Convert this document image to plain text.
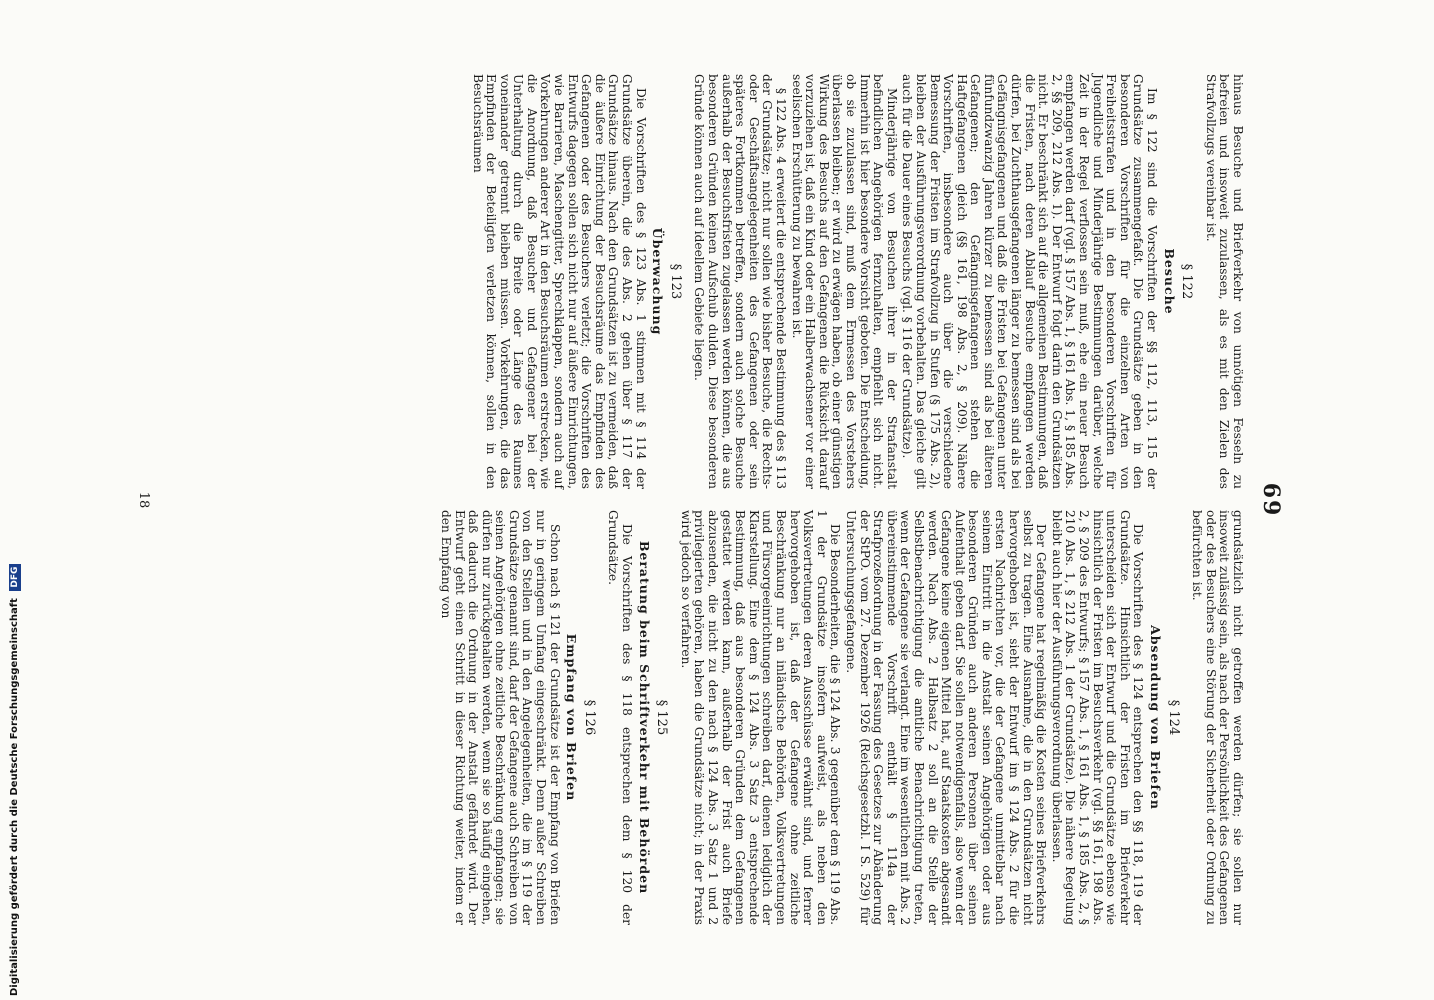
69

hinaus Besuche und Briefverkehr von unnötigen Fesseln zu befreien und insoweit zuzulassen, als es mit den Zielen des Strafvollzugs vereinbar ist.

§ 122
Besuche

Im § 122 sind die Vorschriften der §§ 112, 113, 115 der Grundsätze zusammengefaßt. Die Grundsätze geben in den besonderen Vorschriften für die einzelnen Arten von Freiheitsstrafen und in den besonderen Vorschriften für Jugendliche und Minderjährige Bestimmungen darüber, welche Zeit in der Regel verflossen sein muß, ehe ein neuer Besuch empfangen werden darf (vgl. § 157 Abs. 1, § 161 Abs. 1, § 185 Abs. 2, §§ 209, 212 Abs. 1). Der Entwurf folgt darin den Grundsätzen nicht. Er beschränkt sich auf die allgemeinen Bestimmungen, daß die Fristen, nach deren Ablauf Besuche empfangen werden dürfen, bei Zuchthausgefangenen länger zu bemessen sind als bei Gefängnisgefangenen und daß die Fristen bei Gefangenen unter fünfundzwanzig Jahren kürzer zu bemessen sind als bei älteren Gefangenen; den Gefängnisgefangenen stehen die Haftgefangenen gleich (§§ 161, 198 Abs. 2, § 209). Nähere Vorschriften, insbesondere auch über die verschiedene Bemessung der Fristen im Strafvollzug in Stufen (§ 175 Abs. 2), bleiben der Ausführungsverordnung vorbehalten. Das gleiche gilt auch für die Dauer eines Besuchs (vgl. § 116 der Grundsätze).

Minderjährige von Besuchen ihrer in der Strafanstalt befindlichen Angehörigen fernzuhalten, empfiehlt sich nicht. Immerhin ist hier besondere Vorsicht geboten. Die Entscheidung, ob sie zuzulassen sind, muß dem Ermessen des Vorstehers überlassen bleiben; er wird zu erwägen haben, ob einer günstigen Wirkung des Besuchs auf den Gefangenen die Rücksicht darauf vorzuziehen ist, daß ein Kind oder ein Halberwachsener vor einer seelischen Erschütterung zu bewahren ist.

§ 122 Abs. 4 erweitert die entsprechende Bestimmung des § 113 der Grundsätze; nicht nur sollen wie bisher Besuche, die Rechts- oder Geschäftsangelegenheiten des Gefangenen oder sein späteres Fortkommen betreffen, sondern auch solche Besuche außerhalb der Besuchsfristen zugelassen werden können, die aus besonderen Gründen keinen Aufschub dulden. Diese besonderen Gründe können auch auf ideellem Gebiete liegen.

§ 123
Überwachung

Die Vorschriften des § 123 Abs. 1 stimmen mit § 114 der Grundsätze überein, die des Abs. 2 gehen über § 117 der Grundsätze hinaus. Nach den Grundsätzen ist zu vermeiden, daß die äußere Einrichtung der Besuchsräume das Empfinden des Gefangenen oder des Besuchers verletzt; die Vorschriften des Entwurfs dagegen sollen sich nicht nur auf äußere Einrichtungen, wie Barrieren, Maschengitter, Sprechklappen, sondern auch auf Vorkehrungen anderer Art in den Besuchsräumen erstrecken, wie die Anordnung, daß Besucher und Gefangener bei der Unterhaltung durch die Breite oder Länge des Raumes voneinander getrennt bleiben müssen. Vorkehrungen, die das Empfinden der Beteiligten verletzen können, sollen in den Besuchsräumen

grundsätzlich nicht getroffen werden dürfen; sie sollen nur insoweit zulässig sein, als nach der Persönlichkeit des Gefangenen oder des Besuchers eine Störung der Sicherheit oder Ordnung zu befürchten ist.

§ 124
Absendung von Briefen

Die Vorschriften des § 124 entsprechen den §§ 118, 119 der Grundsätze. Hinsichtlich der Fristen im Briefverkehr unterscheiden sich der Entwurf und die Grundsätze ebenso wie hinsichtlich der Fristen im Besuchsverkehr (vgl. §§ 161, 198 Abs. 2, § 209 des Entwurfs; § 157 Abs. 1, § 161 Abs. 1, § 185 Abs. 2, § 210 Abs. 1, § 212 Abs. 1 der Grundsätze). Die nähere Regelung bleibt auch hier der Ausführungsverordnung überlassen.

Der Gefangene hat regelmäßig die Kosten seines Briefverkehrs selbst zu tragen. Eine Ausnahme, die in den Grundsätzen nicht hervorgehoben ist, sieht der Entwurf im § 124 Abs. 2 für die ersten Nachrichten vor, die der Gefangene unmittelbar nach seinem Eintritt in die Anstalt seinen Angehörigen oder aus besonderen Gründen auch anderen Personen über seinen Aufenthalt geben darf. Sie sollen notwendigenfalls, also wenn der Gefangene keine eigenen Mittel hat, auf Staatskosten abgesandt werden. Nach Abs. 2 Halbsatz 2 soll an die Stelle der Selbstbenachrichtigung die amtliche Benachrichtigung treten, wenn der Gefangene sie verlangt. Eine im wesentlichen mit Abs. 2 übereinstimmende Vorschrift enthält § 114a der Strafprozeßordnung in der Fassung des Gesetzes zur Abänderung der StPO. vom 27. Dezember 1926 (Reichsgesetzbl. I S. 529) für Untersuchungsgefangene.

Die Besonderheiten, die § 124 Abs. 3 gegenüber dem § 119 Abs. 1 der Grundsätze insofern aufweist, als neben den Volksvertretungen deren Ausschüsse erwähnt sind, und ferner hervorgehoben ist, daß der Gefangene ohne zeitliche Beschränkung nur an inländische Behörden, Volksvertretungen und Fürsorgeeinrichtungen schreiben darf, dienen lediglich der Klarstellung. Eine dem § 124 Abs. 3 Satz 3 entsprechende Bestimmung, daß aus besonderen Gründen dem Gefangenen gestattet werden kann, außerhalb der Frist auch Briefe abzusenden, die nicht zu den nach § 124 Abs. 3 Satz 1 und 2 privilegierten gehören, haben die Grundsätze nicht; in der Praxis wird jedoch so verfahren.

§ 125
Beratung beim Schriftverkehr mit Behörden

Die Vorschriften des § 118 entsprechen dem § 120 der Grundsätze.

§ 126
Empfang von Briefen

Schon nach § 121 der Grundsätze ist der Empfang von Briefen nur in geringem Umfang eingeschränkt. Denn außer Schreiben von den Stellen und in den Angelegenheiten, die im § 119 der Grundsätze genannt sind, darf der Gefangene auch Schreiben von seinen Angehörigen ohne zeitliche Beschränkung empfangen; sie dürfen nur zurückgehalten werden, wenn sie so häufig eingehen, daß dadurch die Ordnung in der Anstalt gefährdet wird. Der Entwurf geht einen Schritt in dieser Richtung weiter, indem er den Empfang von

18
Digitalisierung gefördert durch die Deutsche Forschungsgemeinschaft DFG
